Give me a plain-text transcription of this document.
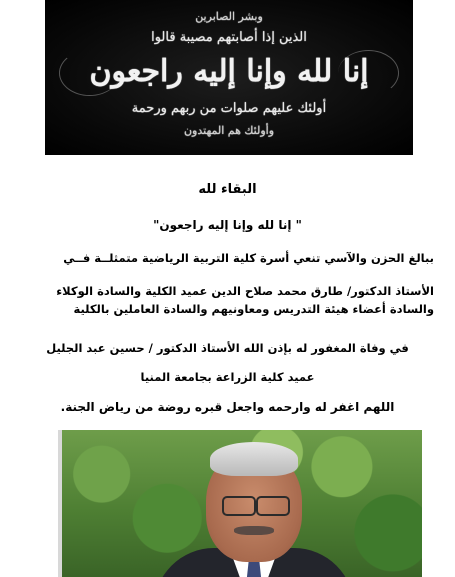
وبشر الصابرين
الذين إذا أصابتهم مصيبة قالوا
إنا لله وإنا إليه راجعون
أولئك عليهم صلوات من ربهم ورحمة
وأولئك هم المهتدون

البقاء لله

" إنا لله وإنا إليه راجعون"

ببالغ الحزن والآسي تنعي أسرة كلية التربية الرياضية متمثلــة فــي

الأستاذ الدكتور/ طارق محمد صلاح الدين عميد الكلية والسادة الوكلاء

والسادة أعضاء هيئة التدريس ومعاونيهم والسادة العاملين بالكلية

في وفاة المغفور له بإذن الله الأستاذ الدكتور / حسين عبد الجليل

عميد كلية الزراعة بجامعة المنيا

اللهم اغفر له وارحمه واجعل قبره روضة من رياض الجنة.
